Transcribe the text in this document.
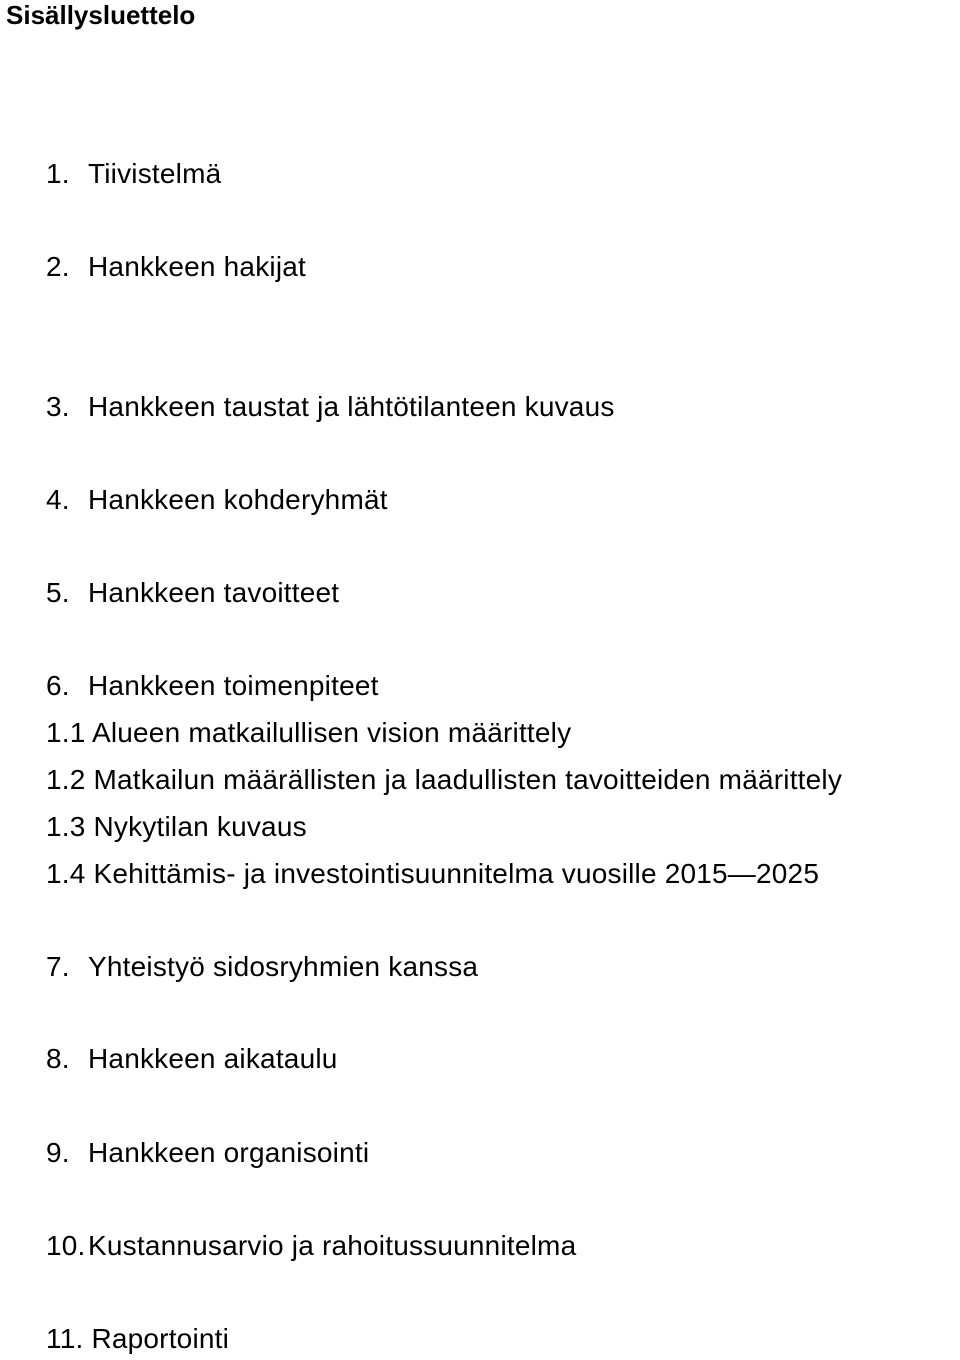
Sisällysluettelo
1. Tiivistelmä
2. Hankkeen hakijat
3. Hankkeen taustat ja lähtötilanteen kuvaus
4. Hankkeen kohderyhmät
5. Hankkeen tavoitteet
6. Hankkeen toimenpiteet
1.1 Alueen matkailullisen vision määrittely
1.2 Matkailun määrällisten ja laadullisten tavoitteiden määrittely
1.3 Nykytilan kuvaus
1.4 Kehittämis- ja investointisuunnitelma vuosille 2015—2025
7. Yhteistyö sidosryhmien kanssa
8. Hankkeen aikataulu
9. Hankkeen organisointi
10.Kustannusarvio ja rahoitussuunnitelma
11. Raportointi
